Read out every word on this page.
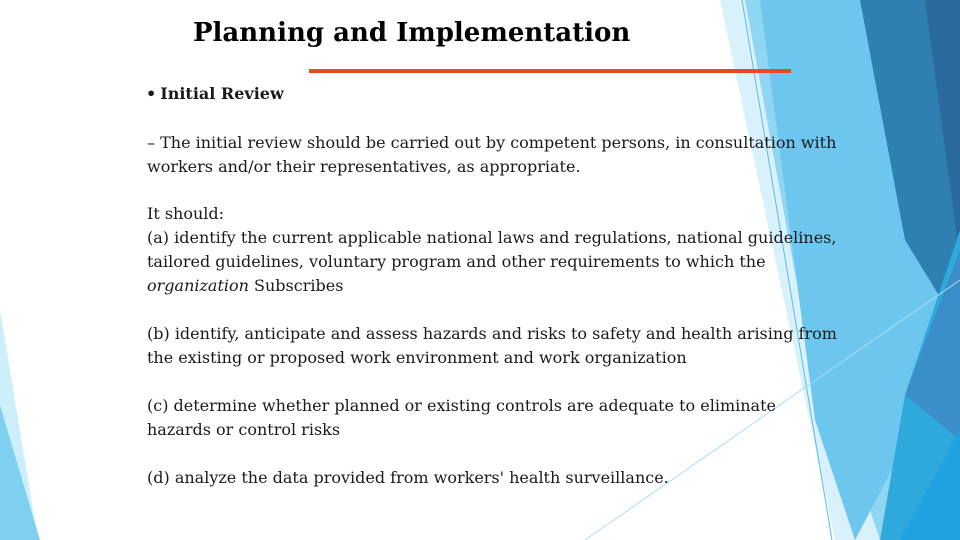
Planning and Implementation
• Initial Review

– The initial review should be carried out by competent persons, in consultation with workers and/or their representatives, as appropriate.

It should:
(a) identify the current applicable national laws and regulations, national guidelines, tailored guidelines, voluntary program and other requirements to which the organization Subscribes

(b) identify, anticipate and assess hazards and risks to safety and health arising from the existing or proposed work environment and work organization

(c) determine whether planned or existing controls are adequate to eliminate hazards or control risks

(d) analyze the data provided from workers' health surveillance.
